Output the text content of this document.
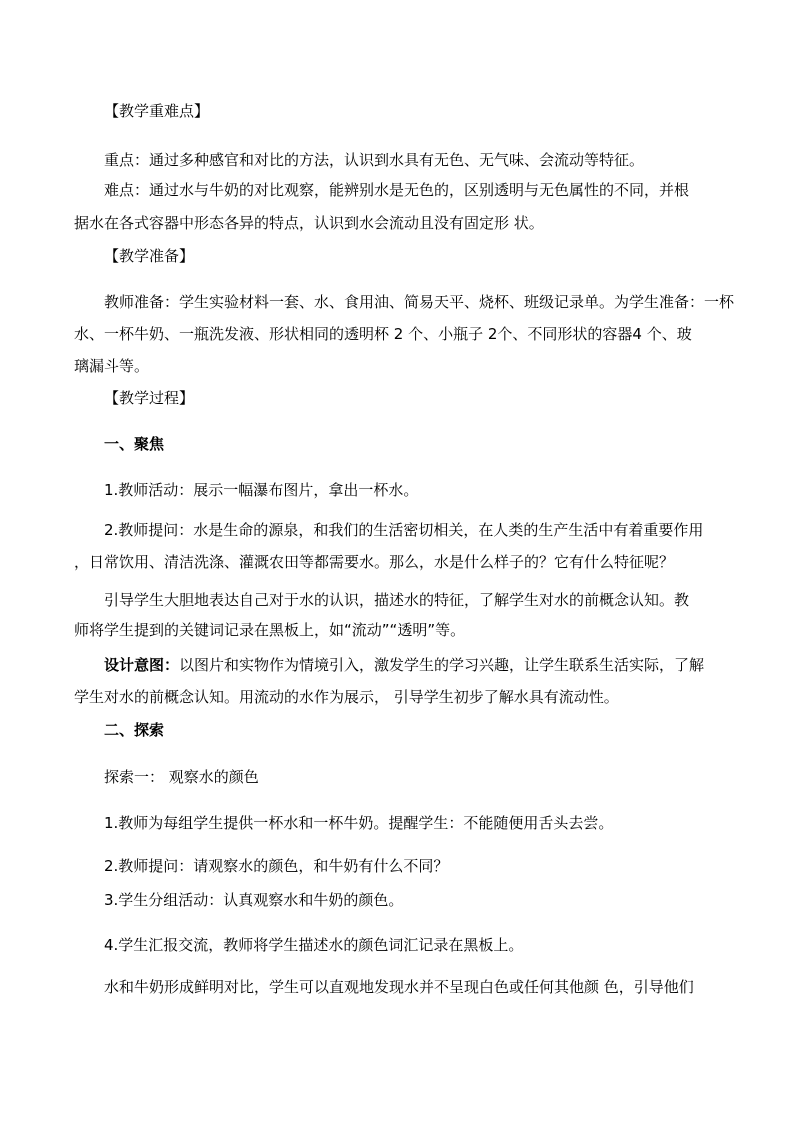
【教学重难点】
重点：通过多种感官和对比的方法，认识到水具有无色、无气味、会流动等特征。
难点：通过水与牛奶的对比观察，能辨别水是无色的，区别透明与无色属性的不同，并根
据水在各式容器中形态各异的特点，认识到水会流动且没有固定形 状。
【教学准备】
教师准备：学生实验材料一套、水、食用油、简易天平、烧杯、班级记录单。为学生准备：一杯
水、一杯牛奶、一瓶洗发液、形状相同的透明杯 2 个、小瓶子 2个、不同形状的容器4 个、玻
璃漏斗等。
【教学过程】
一、聚焦
1.教师活动：展示一幅瀑布图片，拿出一杯水。
2.教师提问：水是生命的源泉，和我们的生活密切相关，在人类的生产生活中有着重要作用
，日常饮用、清洁洗涤、灌溉农田等都需要水。那么，水是什么样子的？它有什么特征呢？
引导学生大胆地表达自己对于水的认识，描述水的特征，了解学生对水的前概念认知。教
师将学生提到的关键词记录在黑板上，如“流动”“透明”等。
设计意图：以图片和实物作为情境引入，激发学生的学习兴趣，让学生联系生活实际，了解
学生对水的前概念认知。用流动的水作为展示， 引导学生初步了解水具有流动性。
二、探索
探索一： 观察水的颜色
1.教师为每组学生提供一杯水和一杯牛奶。提醒学生：不能随便用舌头去尝。
2.教师提问：请观察水的颜色，和牛奶有什么不同？
3.学生分组活动：认真观察水和牛奶的颜色。
4.学生汇报交流，教师将学生描述水的颜色词汇记录在黑板上。
水和牛奶形成鲜明对比，学生可以直观地发现水并不呈现白色或任何其他颜 色，引导他们
